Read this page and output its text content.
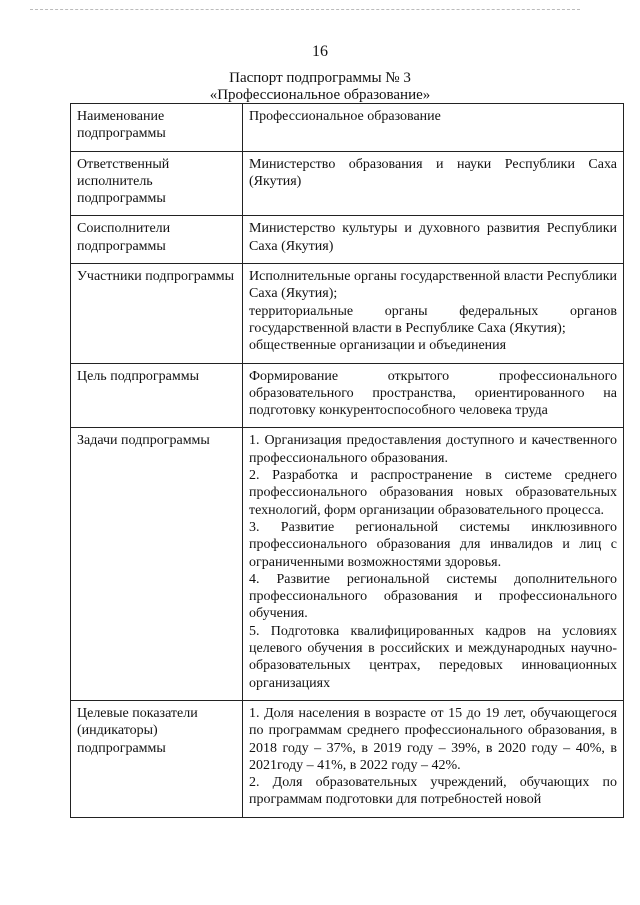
16
Паспорт подпрограммы № 3
«Профессиональное образование»
Наименование подпрограммы	Профессиональное образование

Ответственный исполнитель подпрограммы	Министерство образования и науки Республики Саха (Якутия)

Соисполнители подпрограммы	Министерство культуры и духовного развития Республики Саха (Якутия)

Участники подпрограммы	Исполнительные органы государственной власти Республики Саха (Якутия);
территориальные органы федеральных органов государственной власти в Республике Саха (Якутия);
общественные организации и объединения

Цель подпрограммы	Формирование открытого профессионального образовательного пространства, ориентированного на подготовку конкурентоспособного человека труда

Задачи подпрограммы	1. Организация предоставления доступного и качественного профессионального образования.
2. Разработка и распространение в системе среднего профессионального образования новых образовательных технологий, форм организации образовательного процесса.
3. Развитие региональной системы инклюзивного профессионального образования для инвалидов и лиц с ограниченными возможностями здоровья.
4. Развитие региональной системы дополнительного профессионального образования и профессионального обучения.
5. Подготовка квалифицированных кадров на условиях целевого обучения в российских и международных научно-образовательных центрах, передовых инновационных организациях

Целевые показатели (индикаторы) подпрограммы	1. Доля населения в возрасте от 15 до 19 лет, обучающегося по программам среднего профессионального образования, в 2018 году – 37%, в 2019 году – 39%, в 2020 году – 40%, в 2021году – 41%, в 2022 году – 42%.
2. Доля образовательных учреждений, обучающих по программам подготовки для потребностей новой
